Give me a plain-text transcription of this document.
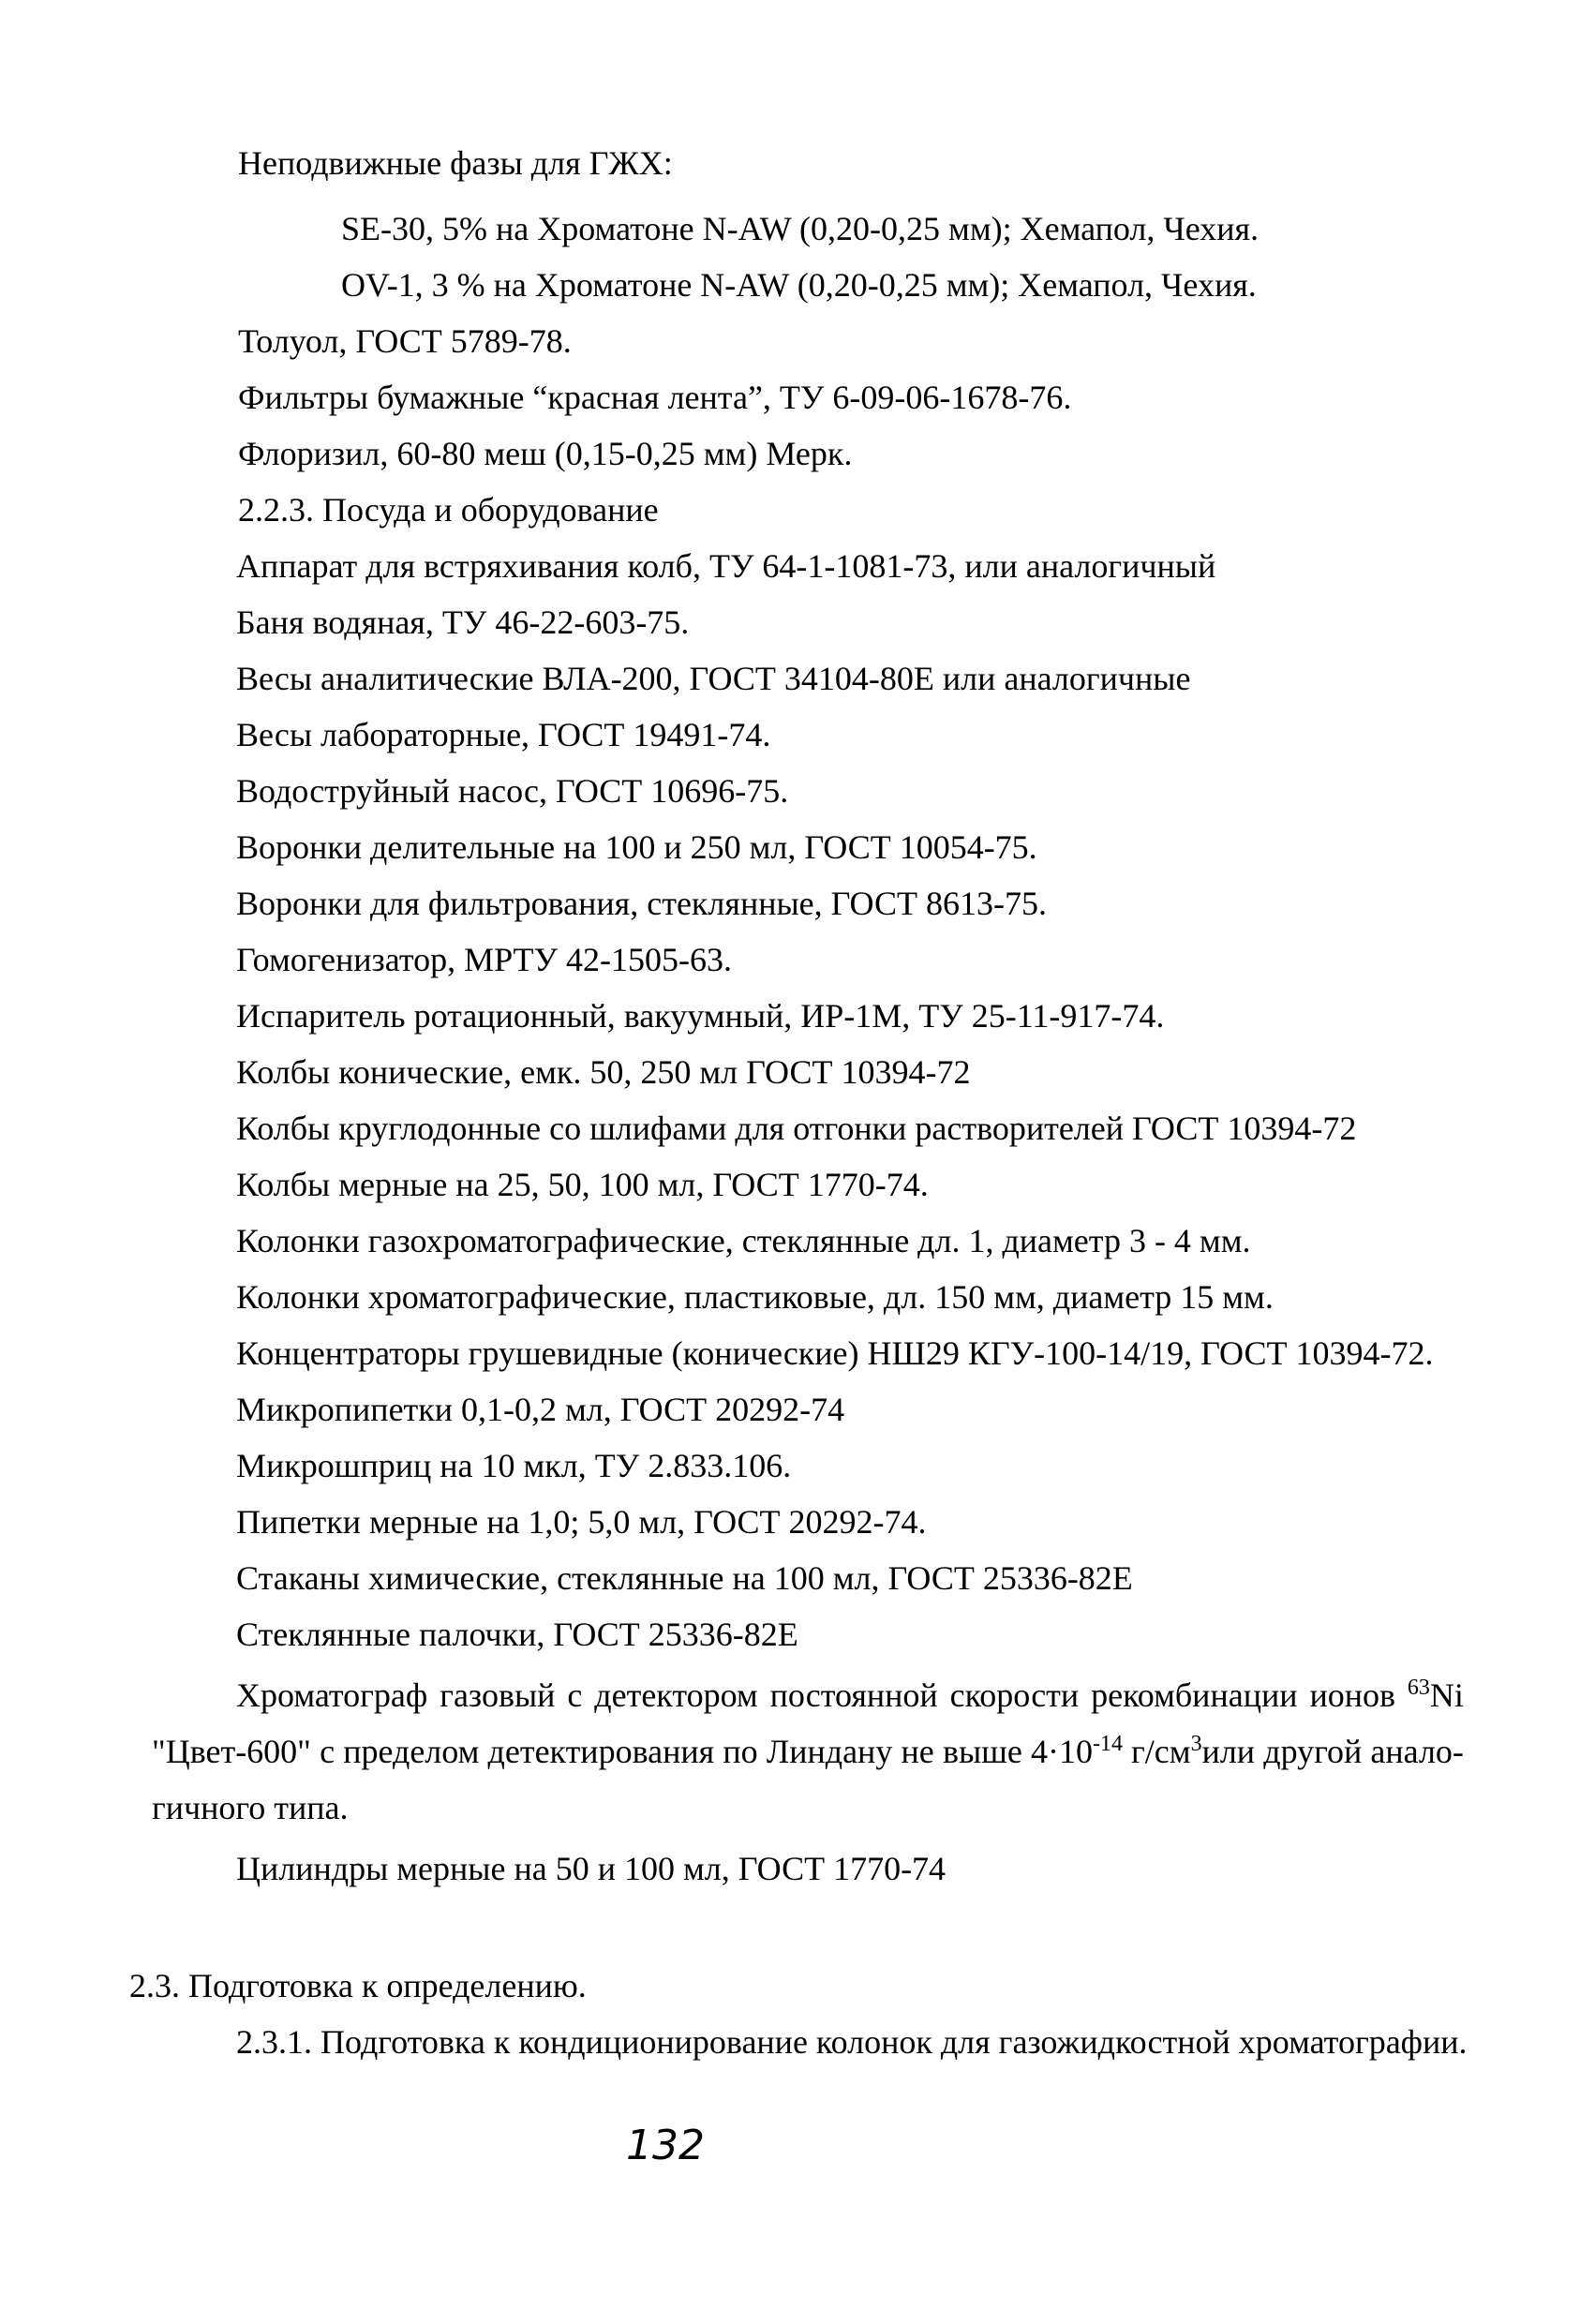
Неподвижные фазы для ГЖХ:
SE-30, 5% на Хроматоне N-AW (0,20-0,25 мм); Хемапол, Чехия.
OV-1, 3 % на Хроматоне N-AW (0,20-0,25 мм); Хемапол, Чехия.
Толуол, ГОСТ 5789-78.
Фильтры бумажные “красная лента”, ТУ 6-09-06-1678-76.
Флоризил, 60-80 меш (0,15-0,25 мм) Мерк.
2.2.3. Посуда и оборудование
Аппарат для встряхивания колб, ТУ 64-1-1081-73, или аналогичный
Баня водяная, ТУ 46-22-603-75.
Весы аналитические ВЛА-200, ГОСТ 34104-80Е или аналогичные
Весы лабораторные, ГОСТ 19491-74.
Водоструйный насос, ГОСТ 10696-75.
Воронки делительные на 100 и 250 мл, ГОСТ 10054-75.
Воронки для фильтрования, стеклянные, ГОСТ 8613-75.
Гомогенизатор, МРТУ 42-1505-63.
Испаритель ротационный, вакуумный, ИР-1М, ТУ 25-11-917-74.
Колбы конические, емк. 50, 250 мл ГОСТ 10394-72
Колбы круглодонные со шлифами для отгонки растворителей ГОСТ 10394-72
Колбы мерные на 25, 50, 100 мл, ГОСТ 1770-74.
Колонки газохроматографические, стеклянные дл. 1, диаметр 3 - 4 мм.
Колонки хроматографические, пластиковые, дл. 150 мм, диаметр 15 мм.
Концентраторы грушевидные (конические) НШ29 КГУ-100-14/19, ГОСТ 10394-72.
Микропипетки 0,1-0,2 мл, ГОСТ 20292-74
Микрошприц на 10 мкл, ТУ 2.833.106.
Пипетки мерные на 1,0; 5,0 мл, ГОСТ 20292-74.
Стаканы химические, стеклянные на 100 мл, ГОСТ 25336-82Е
Стеклянные палочки, ГОСТ 25336-82Е
Хроматограф газовый с детектором постоянной скорости рекомбинации ионов $^{63}$Ni
"Цвет-600" с пределом детектирования по Линдану не выше $4\cdot 10^{-14}$ $г/см^3или$ другой анало-
гичного типа.
Цилиндры мерные на 50 и 100 мл, ГОСТ 1770-74
2.3. Подготовка к определению.
2.3.1. Подготовка к кондиционирование колонок для газожидкостной хроматографии.
132
